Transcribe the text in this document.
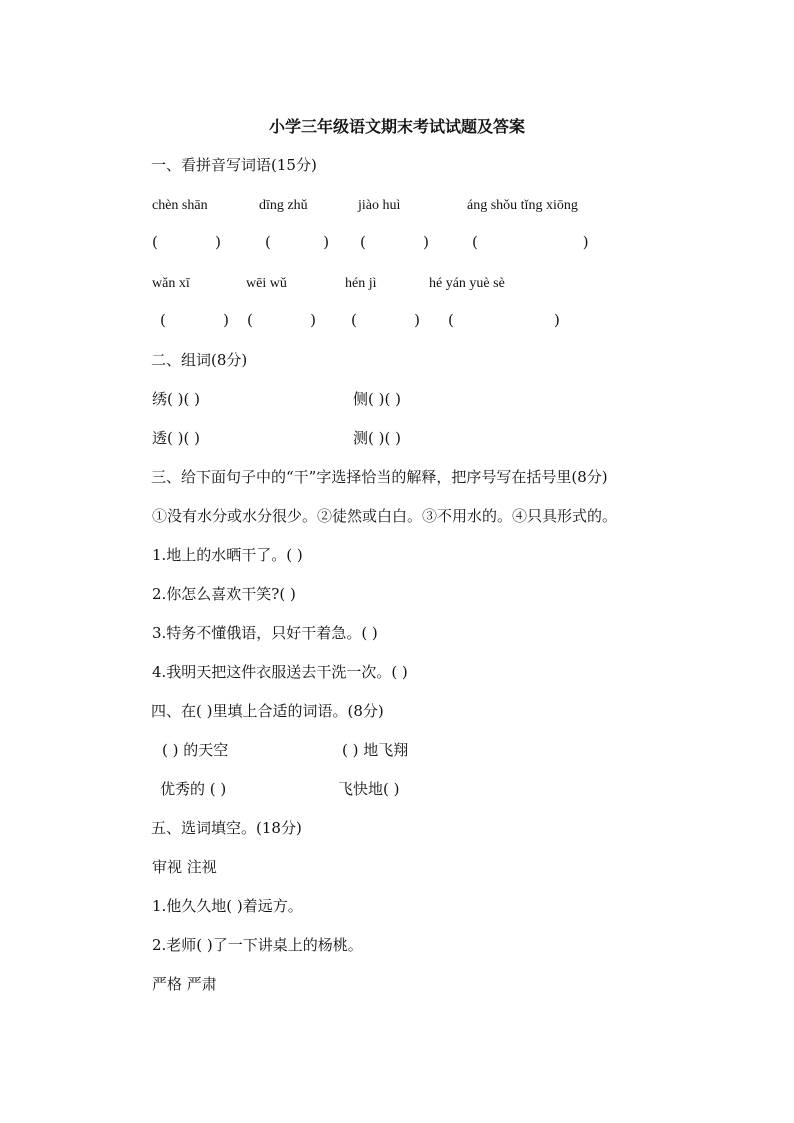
小学三年级语文期末考试试题及答案
一、看拼音写词语(15分)
chèn shān	dīng zhǔ	jiào huì	áng shǒu tǐng xiōng
(            )	(           ) (            )	(                      )
wǎn xī	wēi wǔ	hén jì	hé yán yuè sè
(            ) (            ) (            ) (                     )
二、组词(8分)
绣( )( )	侧( )( )
透( )( )	测( )( )
三、给下面句子中的“干”字选择恰当的解释，把序号写在括号里(8分)
①没有水分或水分很少。②徒然或白白。③不用水的。④只具形式的。
1.地上的水晒干了。( )
2.你怎么喜欢干笑?( )
3.特务不懂俄语，只好干着急。( )
4.我明天把这件衣服送去干洗一次。( )
四、在( )里填上合适的词语。(8分)
( ) 的天空	( ) 地飞翔
优秀的 ( )	飞快地( )
五、选词填空。(18分)
审视 注视
1.他久久地( )着远方。
2.老师( )了一下讲桌上的杨桃。
严格 严肃
